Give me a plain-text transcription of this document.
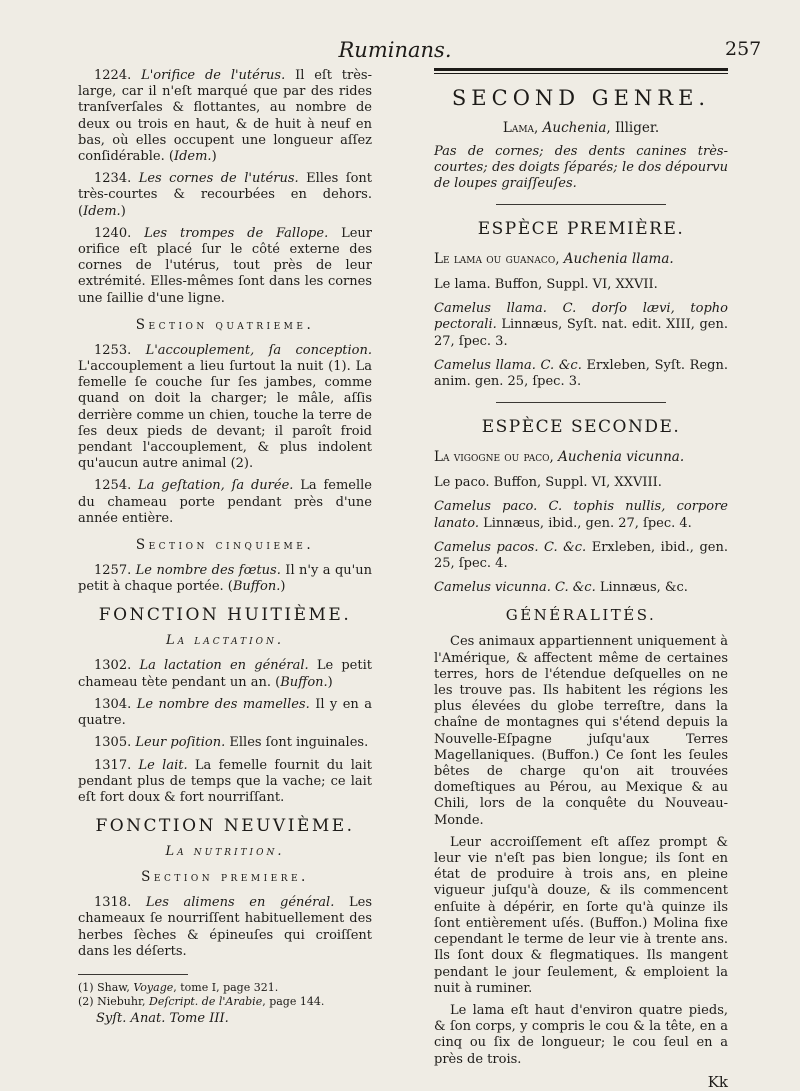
Ruminans.	257

1224. L'orifice de l'utérus. Il eſt très-large, car il n'eſt marqué que par des rides tranſverſales & flottantes, au nombre de deux ou trois en haut, & de huit à neuf en bas, où elles occupent une longueur aſſez conſidérable. (Idem.)

1234. Les cornes de l'utérus. Elles ſont très-courtes & recourbées en dehors. (Idem.)

1240. Les trompes de Fallope. Leur orifice eſt placé ſur le côté externe des cornes de l'utérus, tout près de leur extrémité. Elles-mêmes ſont dans les cornes une ſaillie d'une ligne.

Section quatrieme.

1253. L'accouplement, ſa conception. L'accouplement a lieu ſurtout la nuit (1). La femelle ſe couche ſur ſes jambes, comme quand on doit la charger; le mâle, aſſis derrière comme un chien, touche la terre de ſes deux pieds de devant; il paroît froid pendant l'accouplement, & plus indolent qu'aucun autre animal (2).

1254. La geſtation, ſa durée. La femelle du chameau porte pendant près d'une année entière.

Section cinquieme.

1257. Le nombre des fœtus. Il n'y a qu'un petit à chaque portée. (Buffon.)

FONCTION HUITIÈME.
La lactation.

1302. La lactation en général. Le petit chameau tète pendant un an. (Buffon.)

1304. Le nombre des mamelles. Il y en a quatre.

1305. Leur poſition. Elles ſont inguinales.

1317. Le lait. La femelle fournit du lait pendant plus de temps que la vache; ce lait eſt fort doux & fort nourriſſant.

FONCTION NEUVIÈME.
La nutrition.
Section premiere.

1318. Les alimens en général. Les chameaux ſe nourriſſent habituellement des herbes ſèches & épineuſes qui croiſſent dans les déſerts.

(1) Shaw, Voyage, tome I, page 321.

(2) Niebuhr, Deſcript. de l'Arabie, page 144.

Syſt. Anat. Tome III.
SECOND GENRE.
Lama, Auchenia, Illiger.

Pas de cornes; des dents canines très-courtes; des doigts ſéparés; le dos dépourvu de loupes graiſſeuſes.

ESPÈCE PREMIÈRE.
Le lama ou guanaco, Auchenia llama.

Le lama. Buffon, Suppl. VI, XXVII.

Camelus llama. C. dorſo lævi, topho pectorali. Linnæus, Syſt. nat. edit. XIII, gen. 27, ſpec. 3.

Camelus llama. C. &c. Erxleben, Syſt. Regn. anim. gen. 25, ſpec. 3.

ESPÈCE SECONDE.
La vigogne ou paco, Auchenia vicunna.

Le paco. Buffon, Suppl. VI, XXVIII.

Camelus paco. C. tophis nullis, corpore lanato. Linnæus, ibid., gen. 27, ſpec. 4.

Camelus pacos. C. &c. Erxleben, ibid., gen. 25, ſpec. 4.

Camelus vicunna. C. &c. Linnæus, &c.

GÉNÉRALITÉS.

Ces animaux appartiennent uniquement à l'Amérique, & affectent même de certaines terres, hors de l'étendue deſquelles on ne les trouve pas. Ils habitent les régions les plus élevées du globe terreſtre, dans la chaîne de montagnes qui s'étend depuis la Nouvelle-Eſpagne juſqu'aux Terres Magellaniques. (Buffon.) Ce ſont les ſeules bêtes de charge qu'on ait trouvées domeſtiques au Pérou, au Mexique & au Chili, lors de la conquête du Nouveau-Monde.

Leur accroiſſement eſt aſſez prompt & leur vie n'eſt pas bien longue; ils ſont en état de produire à trois ans, en pleine vigueur juſqu'à douze, & ils commencent enſuite à dépérir, en ſorte qu'à quinze ils ſont entièrement uſés. (Buffon.) Molina fixe cependant le terme de leur vie à trente ans. Ils ſont doux & flegmatiques. Ils mangent pendant le jour ſeulement, & emploient la nuit à ruminer.

Le lama eſt haut d'environ quatre pieds, & ſon corps, y compris le cou & la tête, en a cinq ou ſix de longueur; le cou ſeul en a près de trois.

Kk
